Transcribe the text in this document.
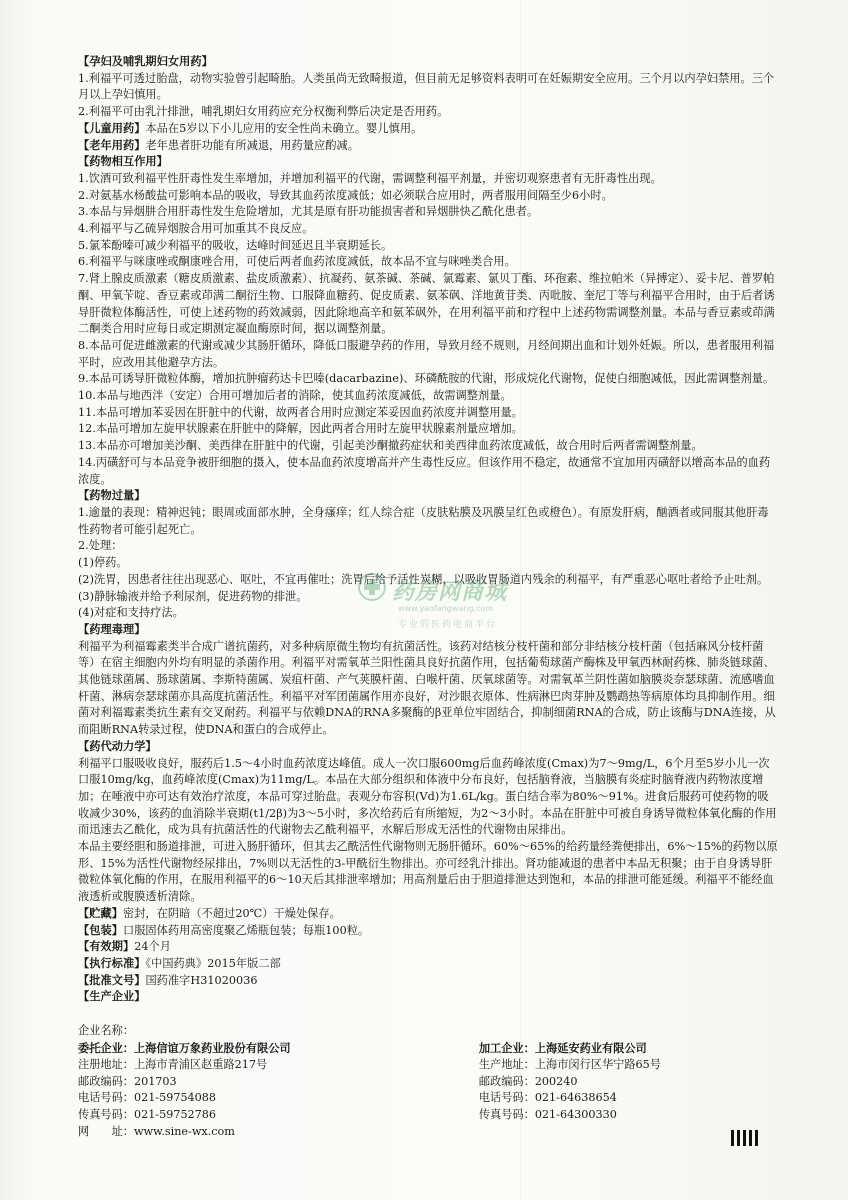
【孕妇及哺乳期妇女用药】

1.利福平可透过胎盘，动物实验曾引起畸胎。人类虽尚无致畸报道，但目前无足够资料表明可在妊娠期安全应用。三个月以内孕妇禁用。三个月以上孕妇慎用。

2.利福平可由乳汁排泄，哺乳期妇女用药应充分权衡利弊后决定是否用药。

【儿童用药】本品在5岁以下小儿应用的安全性尚未确立。婴儿慎用。

【老年用药】老年患者肝功能有所减退，用药量应酌减。

【药物相互作用】

1.饮酒可致利福平性肝毒性发生率增加，并增加利福平的代谢，需调整利福平剂量，并密切观察患者有无肝毒性出现。

2.对氨基水杨酸盐可影响本品的吸收，导致其血药浓度减低；如必须联合应用时，两者服用间隔至少6小时。

3.本品与异烟肼合用肝毒性发生危险增加，尤其是原有肝功能损害者和异烟肼快乙酰化患者。

4.利福平与乙硫异烟胺合用可加重其不良反应。

5.氯苯酚嗪可减少利福平的吸收，达峰时间延迟且半衰期延长。

6.利福平与咪康唑或酮康唑合用，可使后两者血药浓度减低，故本品不宜与咪唑类合用。

7.肾上腺皮质激素（糖皮质激素、盐皮质激素）、抗凝药、氨茶碱、茶碱、氯霉素、氯贝丁酯、环孢素、维拉帕米（异搏定）、妥卡尼、普罗帕酮、甲氧苄啶、香豆素或茚满二酮衍生物、口服降血糖药、促皮质素、氨苯砜、洋地黄苷类、丙吡胺、奎尼丁等与利福平合用时，由于后者诱导肝微粒体酶活性，可使上述药物的药效减弱，因此除地高辛和氨苯砜外，在用利福平前和疗程中上述药物需调整剂量。本品与香豆素或茚满二酮类合用时应每日或定期测定凝血酶原时间，据以调整剂量。

8.本品可促进雌激素的代谢或减少其肠肝循环，降低口服避孕药的作用，导致月经不规则，月经间期出血和计划外妊娠。所以，患者服用利福平时，应改用其他避孕方法。

9.本品可诱导肝微粒体酶，增加抗肿瘤药达卡巴嗪(dacarbazine)、环磷酰胺的代谢，形成烷化代谢物，促使白细胞减低，因此需调整剂量。

10.本品与地西泮（安定）合用可增加后者的消除，使其血药浓度减低，故需调整剂量。

11.本品可增加苯妥因在肝脏中的代谢，故两者合用时应测定苯妥因血药浓度并调整用量。

12.本品可增加左旋甲状腺素在肝脏中的降解，因此两者合用时左旋甲状腺素剂量应增加。

13.本品亦可增加美沙酮、美西律在肝脏中的代谢，引起美沙酮撤药症状和美西律血药浓度减低，故合用时后两者需调整剂量。

14.丙磺舒可与本品竞争被肝细胞的摄入，使本品血药浓度增高并产生毒性反应。但该作用不稳定，故通常不宜加用丙磺舒以增高本品的血药浓度。

【药物过量】

1.逾量的表现：精神迟钝；眼周或面部水肿，全身瘙痒；红人综合症（皮肤粘膜及巩膜呈红色或橙色）。有原发肝病，酗酒者或同服其他肝毒性药物者可能引起死亡。

2.处理：

(1)停药。

(2)洗胃，因患者往往出现恶心、呕吐，不宜再催吐；洗胃后给予活性炭糊，以吸收胃肠道内残余的利福平，有严重恶心呕吐者给予止吐剂。

(3)静脉输液并给予利尿剂，促进药物的排泄。

(4)对症和支持疗法。

【药理毒理】

利福平为利福霉素类半合成广谱抗菌药，对多种病原微生物均有抗菌活性。该药对结核分枝杆菌和部分非结核分枝杆菌（包括麻风分枝杆菌等）在宿主细胞内外均有明显的杀菌作用。利福平对需氧革兰阳性菌具良好抗菌作用，包括葡萄球菌产酶株及甲氧西林耐药株、肺炎链球菌、其他链球菌属、肠球菌属、李斯特菌属、炭疽杆菌、产气荚膜杆菌、白喉杆菌、厌氧球菌等。对需氧革兰阴性菌如脑膜炎奈瑟球菌、流感嗜血杆菌、淋病奈瑟球菌亦具高度抗菌活性。利福平对军团菌属作用亦良好，对沙眼衣原体、性病淋巴肉芽肿及鹦鹉热等病原体均具抑制作用。细菌对利福霉素类抗生素有交叉耐药。利福平与依赖DNA的RNA多聚酶的β亚单位牢固结合，抑制细菌RNA的合成，防止该酶与DNA连接，从而阻断RNA转录过程，使DNA和蛋白的合成停止。

【药代动力学】

利福平口服吸收良好，服药后1.5～4小时血药浓度达峰值。成人一次口服600mg后血药峰浓度(Cmax)为7～9mg/L，6个月至5岁小儿一次口服10mg/kg，血药峰浓度(Cmax)为11mg/L。本品在大部分组织和体液中分布良好，包括脑脊液，当脑膜有炎症时脑脊液内药物浓度增加；在唾液中亦可达有效治疗浓度，本品可穿过胎盘。表观分布容积(Vd)为1.6L/kg。蛋白结合率为80%～91%。进食后服药可使药物的吸收减少30%，该药的血消除半衰期(t1/2β)为3～5小时，多次给药后有所缩短，为2～3小时。本品在肝脏中可被自身诱导微粒体氧化酶的作用而迅速去乙酰化，成为具有抗菌活性的代谢物去乙酰利福平，水解后形成无活性的代谢物由尿排出。

本品主要经胆和肠道排泄，可进入肠肝循环，但其去乙酰活性代谢物则无肠肝循环。60%～65%的给药量经粪便排出，6%～15%的药物以原形、15%为活性代谢物经尿排出，7%则以无活性的3-甲酰衍生物排出。亦可经乳汁排出。肾功能减退的患者中本品无积聚；由于自身诱导肝微粒体氧化酶的作用，在服用利福平的6～10天后其排泄率增加；用高剂量后由于胆道排泄达到饱和，本品的排泄可能延缓。利福平不能经血液透析或腹膜透析清除。

【贮藏】密封，在阴暗（不超过20℃）干燥处保存。

【包装】口服固体药用高密度聚乙烯瓶包装；每瓶100粒。

【有效期】24个月

【执行标准】《中国药典》2015年版二部

【批准文号】国药准字H31020036

【生产企业】

企业名称：
委托企业：上海信谊万象药业股份有限公司	加工企业：上海延安药业有限公司
注册地址：上海市青浦区赵重路217号	生产地址：上海市闵行区华宁路65号
邮政编码：201703	邮政编码：200240
电话号码：021-59754088	电话号码：021-64638654
传真号码：021-59752786	传真号码：021-64300330
网　　址：www.sine-wx.com
药房网商城
www.yaofangwang.com
专业的医药电商平台
